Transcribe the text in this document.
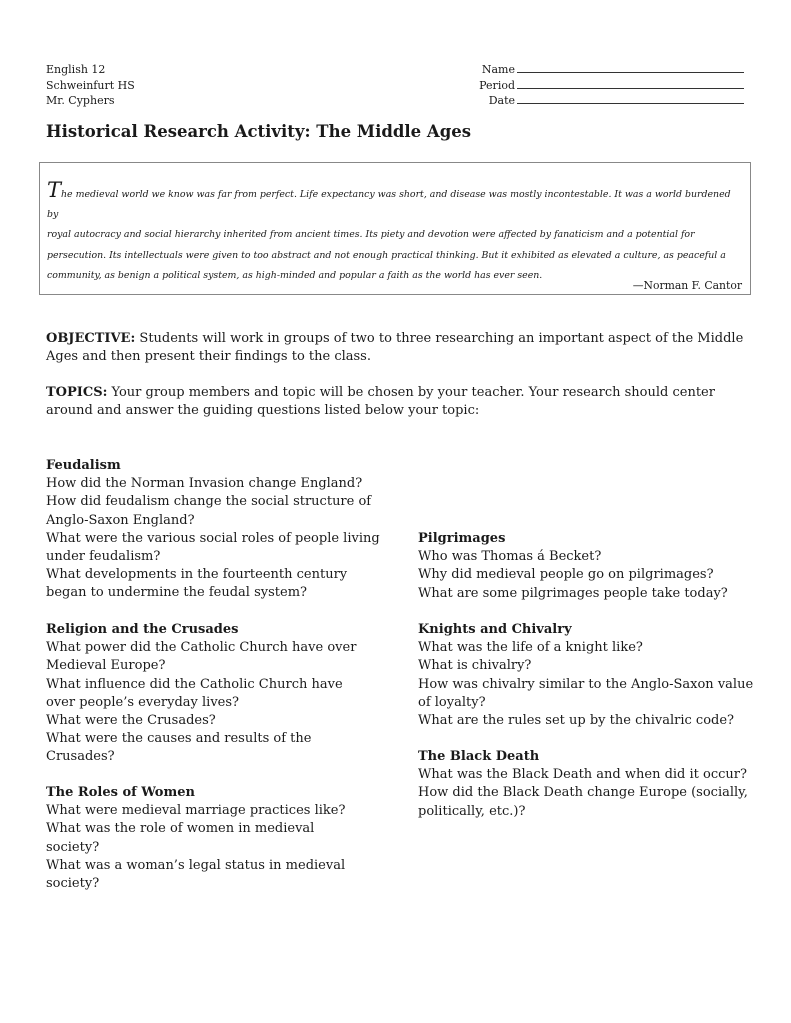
English 12
Schweinfurt HS
Mr. Cyphers
Name
Period
Date
Historical Research Activity: The Middle Ages

The medieval world we know was far from perfect. Life expectancy was short, and disease was mostly incontestable. It was a world burdened by
royal autocracy and social hierarchy inherited from ancient times. Its piety and devotion were affected by fanaticism and a potential for
persecution. Its intellectuals were given to too abstract and not enough practical thinking. But it exhibited as elevated a culture, as peaceful a
community, as benign a political system, as high-minded and popular a faith as the world has ever seen.

—Norman F. Cantor

OBJECTIVE: Students will work in groups of two to three researching an important aspect of the Middle Ages and then present their findings to the class.

TOPICS: Your group members and topic will be chosen by your teacher. Your research should center around and answer the guiding questions listed below your topic:

Feudalism

How did the Norman Invasion change England?

How did feudalism change the social structure of Anglo-Saxon England?

What were the various social roles of people living under feudalism?

What developments in the fourteenth century began to undermine the feudal system?

Religion and the Crusades

What power did the Catholic Church have over Medieval Europe?

What influence did the Catholic Church have over people’s everyday lives?

What were the Crusades?

What were the causes and results of the Crusades?

The Roles of Women

What were medieval marriage practices like?

What was the role of women in medieval society?

What was a woman’s legal status in medieval society?

Pilgrimages

Who was Thomas á Becket?

Why did medieval people go on pilgrimages?

What are some pilgrimages people take today?

Knights and Chivalry

What was the life of a knight like?

What is chivalry?

How was chivalry similar to the Anglo-Saxon value of loyalty?

What are the rules set up by the chivalric code?

The Black Death

What was the Black Death and when did it occur?

How did the Black Death change Europe (socially, politically, etc.)?
